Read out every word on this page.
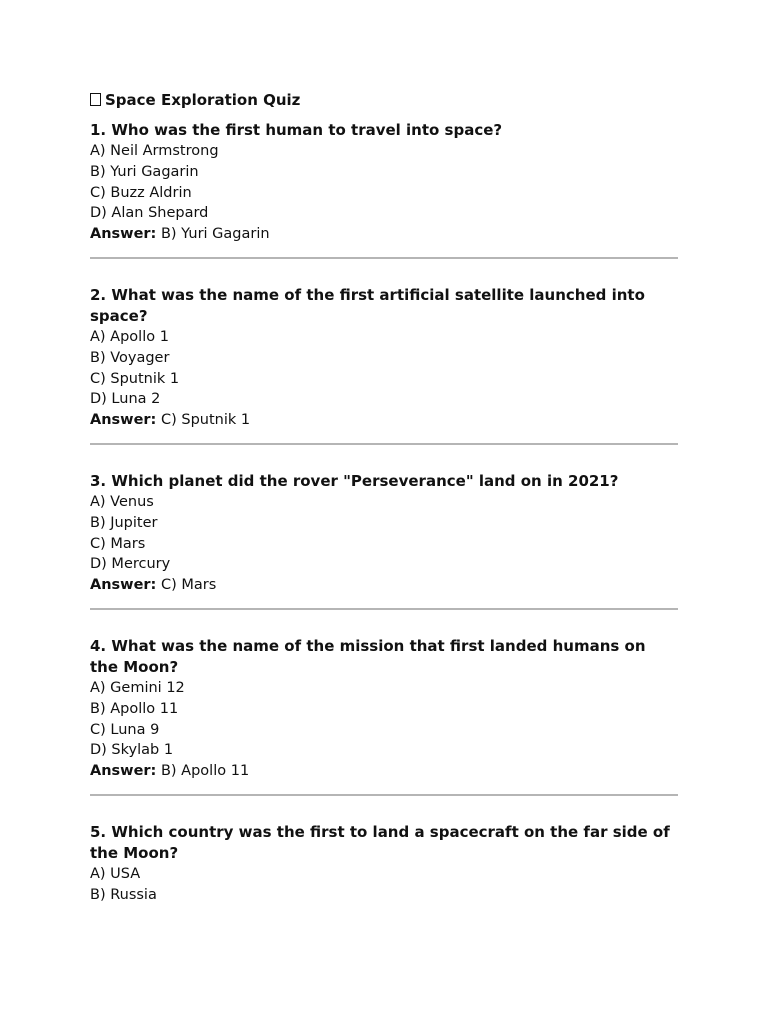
Space Exploration Quiz
1. Who was the first human to travel into space?
A) Neil Armstrong
B) Yuri Gagarin
C) Buzz Aldrin
D) Alan Shepard
Answer: B) Yuri Gagarin
2. What was the name of the first artificial satellite launched into space?
A) Apollo 1
B) Voyager
C) Sputnik 1
D) Luna 2
Answer: C) Sputnik 1
3. Which planet did the rover "Perseverance" land on in 2021?
A) Venus
B) Jupiter
C) Mars
D) Mercury
Answer: C) Mars
4. What was the name of the mission that first landed humans on the Moon?
A) Gemini 12
B) Apollo 11
C) Luna 9
D) Skylab 1
Answer: B) Apollo 11
5. Which country was the first to land a spacecraft on the far side of the Moon?
A) USA
B) Russia
